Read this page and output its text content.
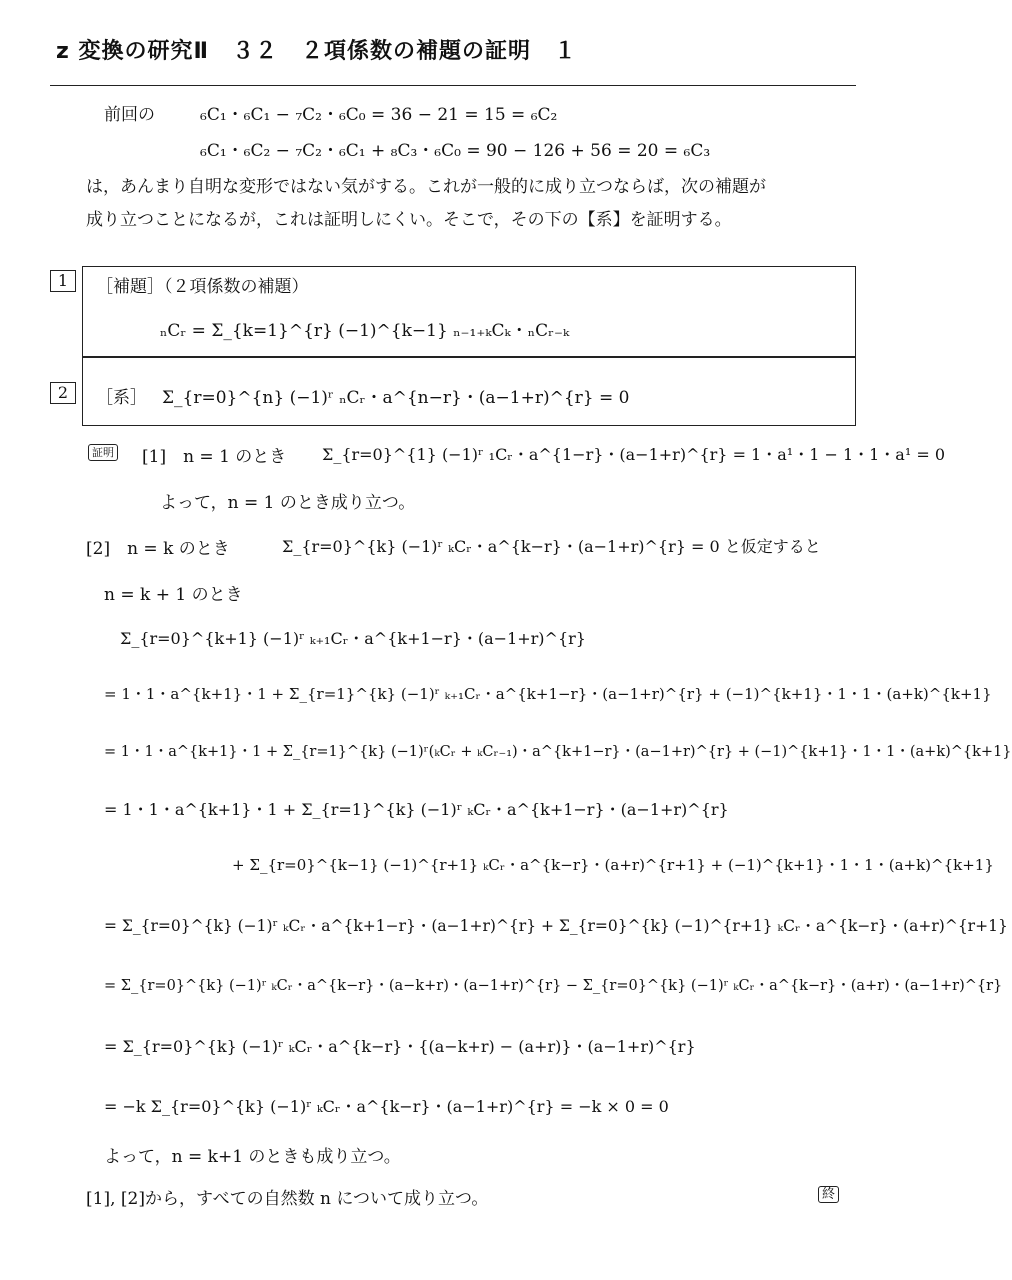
z 変換の研究Ⅱ　３２　２項係数の補題の証明　１
前回の	₆C₁・₆C₁ − ₇C₂・₆C₀ = 36 − 21 = 15 = ₆C₂
₆C₁・₆C₂ − ₇C₂・₆C₁ + ₈C₃・₆C₀ = 90 − 126 + 56 = 20 = ₆C₃
は，あんまり自明な変形ではない気がする。これが一般的に成り立つならば，次の補題が
成り立つことになるが，これは証明しにくい。そこで，その下の【系】を証明する。
1	［補題］（２項係数の補題）
ₙCᵣ = Σ_{k=1}^{r} (−1)^{k−1} ₙ₋₁₊ₖCₖ・ₙCᵣ₋ₖ
2	［系］ Σ_{r=0}^{n} (−1)ʳ ₙCᵣ・a^{n−r}・(a−1+r)^{r} = 0
証明 [1]　n = 1 のとき Σ_{r=0}^{1} (−1)ʳ ₁Cᵣ・a^{1−r}・(a−1+r)^{r} = 1・a¹・1 − 1・1・a¹ = 0
よって，n = 1 のとき成り立つ。
[2]　n = k のとき	Σ_{r=0}^{k} (−1)ʳ ₖCᵣ・a^{k−r}・(a−1+r)^{r} = 0 と仮定すると
n = k + 1 のとき
Σ_{r=0}^{k+1} (−1)ʳ ₖ₊₁Cᵣ・a^{k+1−r}・(a−1+r)^{r}
= 1・1・a^{k+1}・1 + Σ_{r=1}^{k} (−1)ʳ ₖ₊₁Cᵣ・a^{k+1−r}・(a−1+r)^{r} + (−1)^{k+1}・1・1・(a+k)^{k+1}
= 1・1・a^{k+1}・1 + Σ_{r=1}^{k} (−1)ʳ(ₖCᵣ + ₖCᵣ₋₁)・a^{k+1−r}・(a−1+r)^{r} + (−1)^{k+1}・1・1・(a+k)^{k+1}
= 1・1・a^{k+1}・1 + Σ_{r=1}^{k} (−1)ʳ ₖCᵣ・a^{k+1−r}・(a−1+r)^{r}
+ Σ_{r=0}^{k−1} (−1)^{r+1} ₖCᵣ・a^{k−r}・(a+r)^{r+1} + (−1)^{k+1}・1・1・(a+k)^{k+1}
= Σ_{r=0}^{k} (−1)ʳ ₖCᵣ・a^{k+1−r}・(a−1+r)^{r} + Σ_{r=0}^{k} (−1)^{r+1} ₖCᵣ・a^{k−r}・(a+r)^{r+1}
= Σ_{r=0}^{k} (−1)ʳ ₖCᵣ・a^{k−r}・(a−k+r)・(a−1+r)^{r} − Σ_{r=0}^{k} (−1)ʳ ₖCᵣ・a^{k−r}・(a+r)・(a−1+r)^{r}
= Σ_{r=0}^{k} (−1)ʳ ₖCᵣ・a^{k−r}・{(a−k+r) − (a+r)}・(a−1+r)^{r}
= −k Σ_{r=0}^{k} (−1)ʳ ₖCᵣ・a^{k−r}・(a−1+r)^{r} = −k × 0 = 0
よって，n = k+1 のときも成り立つ。
[1], [2]から，すべての自然数 n について成り立つ。	終
